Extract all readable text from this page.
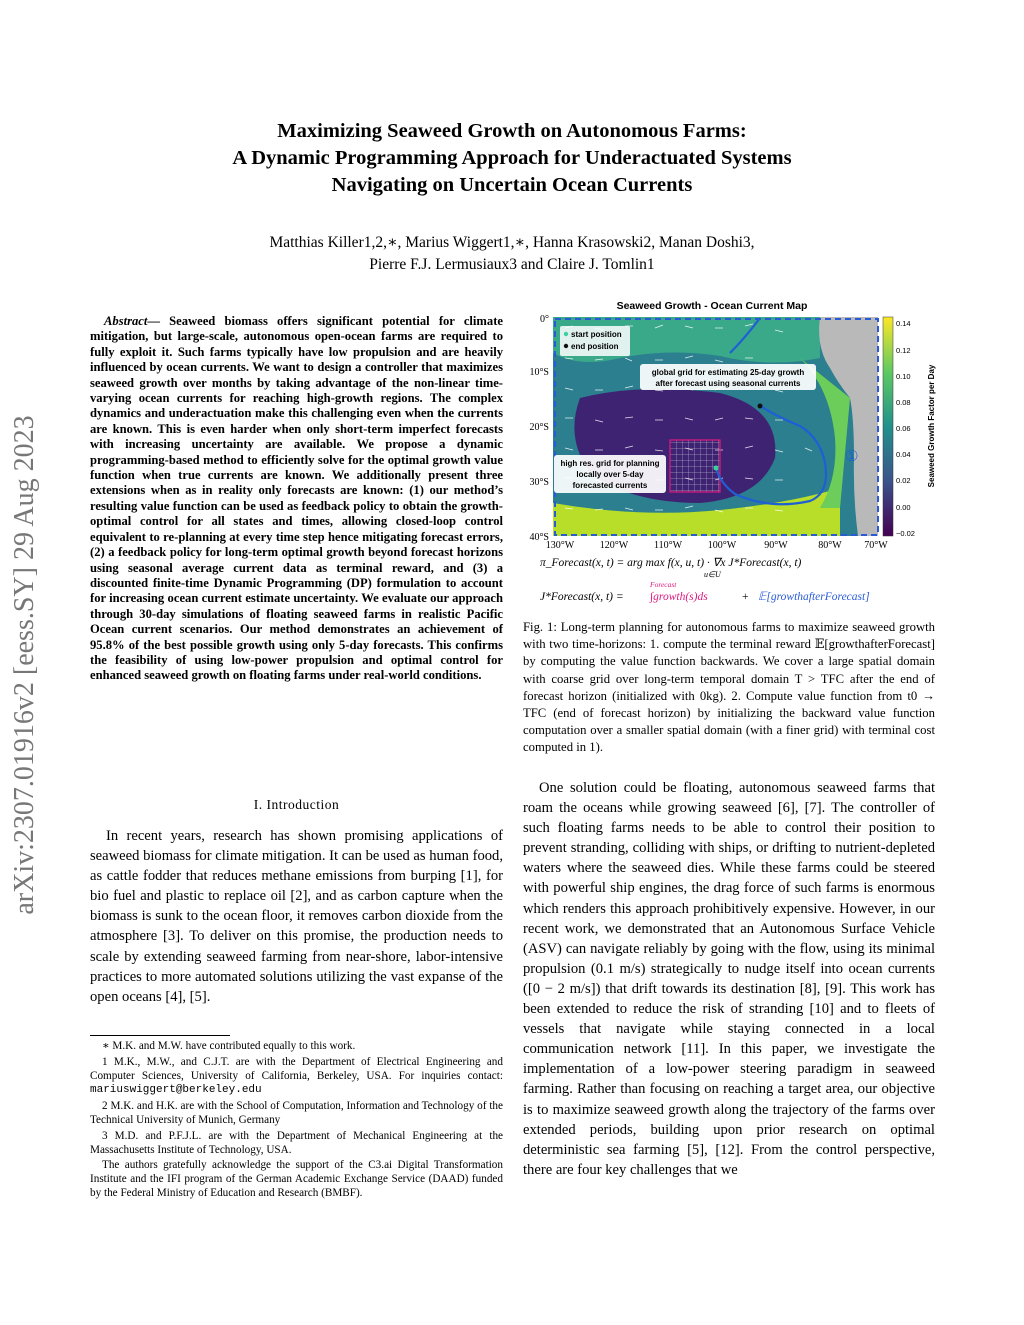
arXiv:2307.01916v2 [eess.SY] 29 Aug 2023
Maximizing Seaweed Growth on Autonomous Farms:
A Dynamic Programming Approach for Underactuated Systems
Navigating on Uncertain Ocean Currents
Matthias Killer1,2,∗, Marius Wiggert1,∗, Hanna Krasowski2, Manan Doshi3,
Pierre F.J. Lermusiaux3 and Claire J. Tomlin1
Abstract— Seaweed biomass offers significant potential for climate mitigation, but large-scale, autonomous open-ocean farms are required to fully exploit it. Such farms typically have low propulsion and are heavily influenced by ocean currents. We want to design a controller that maximizes seaweed growth over months by taking advantage of the non-linear time-varying ocean currents for reaching high-growth regions. The complex dynamics and underactuation make this challenging even when the currents are known. This is even harder when only short-term imperfect forecasts with increasing uncertainty are available. We propose a dynamic programming-based method to efficiently solve for the optimal growth value function when true currents are known. We additionally present three extensions when as in reality only forecasts are known: (1) our method’s resulting value function can be used as feedback policy to obtain the growth-optimal control for all states and times, allowing closed-loop control equivalent to re-planning at every time step hence mitigating forecast errors, (2) a feedback policy for long-term optimal growth beyond forecast horizons using seasonal average current data as terminal reward, and (3) a discounted finite-time Dynamic Programming (DP) formulation to account for increasing ocean current estimate uncertainty. We evaluate our approach through 30-day simulations of floating seaweed farms in realistic Pacific Ocean current scenarios. Our method demonstrates an achievement of 95.8% of the best possible growth using only 5-day forecasts. This confirms the feasibility of using low-power propulsion and optimal control for enhanced seaweed growth on floating farms under real-world conditions.
I. Introduction

In recent years, research has shown promising applications of seaweed biomass for climate mitigation. It can be used as human food, as cattle fodder that reduces methane emissions from burping [1], for bio fuel and plastic to replace oil [2], and as carbon capture when the biomass is sunk to the ocean floor, it removes carbon dioxide from the atmosphere [3]. To deliver on this promise, the production needs to scale by extending seaweed farming from near-shore, labor-intensive practices to more automated solutions utilizing the vast expanse of the open oceans [4], [5].

∗ M.K. and M.W. have contributed equally to this work.

1 M.K., M.W., and C.J.T. are with the Department of Electrical Engineering and Computer Sciences, University of California, Berkeley, USA. For inquiries contact: mariuswiggert@berkeley.edu

2 M.K. and H.K. are with the School of Computation, Information and Technology of the Technical University of Munich, Germany

3 M.D. and P.F.J.L. are with the Department of Mechanical Engineering at the Massachusetts Institute of Technology, USA.

The authors gratefully acknowledge the support of the C3.ai Digital Transformation Institute and the IFI program of the German Academic Exchange Service (DAAD) funded by the Federal Ministry of Education and Research (BMBF).

Seaweed Growth - Ocean Current Map
①
start position
end position
global grid for estimating 25-day growth
after forecast using seasonal currents
high res. grid for planning
locally over 5-day
forecasted currents
0°
10°S
20°S
30°S
40°S
130°W	120°W	110°W	100°W	90°W	80°W 70°W
0.14
0.12
0.10
0.08
0.06
0.04
0.02
0.00
−0.02
Seaweed Growth Factor per Day
π_Forecast(x, t) = arg max f(x, u, t) · ∇x J*Forecast(x, t)
u∈U
J*Forecast(x, t) =
Forecast
∫growth(s)ds	+ 𝔼[growthafterForecast]
Fig. 1: Long-term planning for autonomous farms to maximize seaweed growth with two time-horizons: 1. compute the terminal reward 𝔼[growthafterForecast] by computing the value function backwards. We cover a large spatial domain with coarse grid over long-term temporal domain T > TFC after the end of forecast horizon (initialized with 0kg). 2. Compute value function from t0 → TFC (end of forecast horizon) by initializing the backward value function computation over a smaller spatial domain (with a finer grid) with terminal cost computed in 1).

One solution could be floating, autonomous seaweed farms that roam the oceans while growing seaweed [6], [7]. The controller of such floating farms needs to be able to control their position to prevent stranding, colliding with ships, or drifting to nutrient-depleted waters where the seaweed dies. While these farms could be steered with powerful ship engines, the drag force of such farms is enormous which renders this approach prohibitively expensive. However, in our recent work, we demonstrated that an Autonomous Surface Vehicle (ASV) can navigate reliably by going with the flow, using its minimal propulsion (0.1 m/s) strategically to nudge itself into ocean currents ([0 − 2 m/s]) that drift towards its destination [8], [9]. This work has been extended to reduce the risk of stranding [10] and to fleets of vessels that navigate while staying connected in a local communication network [11]. In this paper, we investigate the implementation of a low-power steering paradigm in seaweed farming. Rather than focusing on reaching a target area, our objective is to maximize seaweed growth along the trajectory of the farms over extended periods, building upon prior research on optimal deterministic sea farming [5], [12]. From the control perspective, there are four key challenges that we
